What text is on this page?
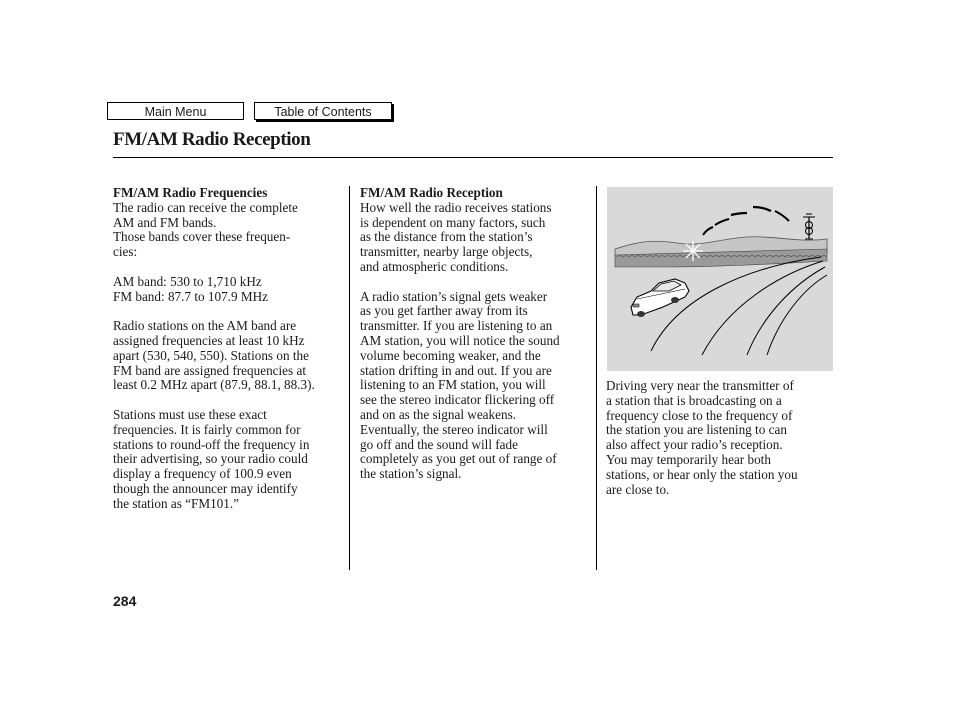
Main Menu	Table of Contents
FM/AM Radio Reception
FM/AM Radio Frequencies

The radio can receive the complete
AM and FM bands.

Those bands cover these frequen-
cies:

AM band: 530 to 1,710 kHz
FM band: 87.7 to 107.9 MHz

Radio stations on the AM band are
assigned frequencies at least 10 kHz
apart (530, 540, 550). Stations on the
FM band are assigned frequencies at
least 0.2 MHz apart (87.9, 88.1, 88.3).

Stations must use these exact
frequencies. It is fairly common for
stations to round-off the frequency in
their advertising, so your radio could
display a frequency of 100.9 even
though the announcer may identify
the station as “FM101.”

FM/AM Radio Reception

How well the radio receives stations
is dependent on many factors, such
as the distance from the station’s
transmitter, nearby large objects,
and atmospheric conditions.

A radio station’s signal gets weaker
as you get farther away from its
transmitter. If you are listening to an
AM station, you will notice the sound
volume becoming weaker, and the
station drifting in and out. If you are
listening to an FM station, you will
see the stereo indicator flickering off
and on as the signal weakens.
Eventually, the stereo indicator will
go off and the sound will fade
completely as you get out of range of
the station’s signal.

Driving very near the transmitter of
a station that is broadcasting on a
frequency close to the frequency of
the station you are listening to can
also affect your radio’s reception.
You may temporarily hear both
stations, or hear only the station you
are close to.

284
